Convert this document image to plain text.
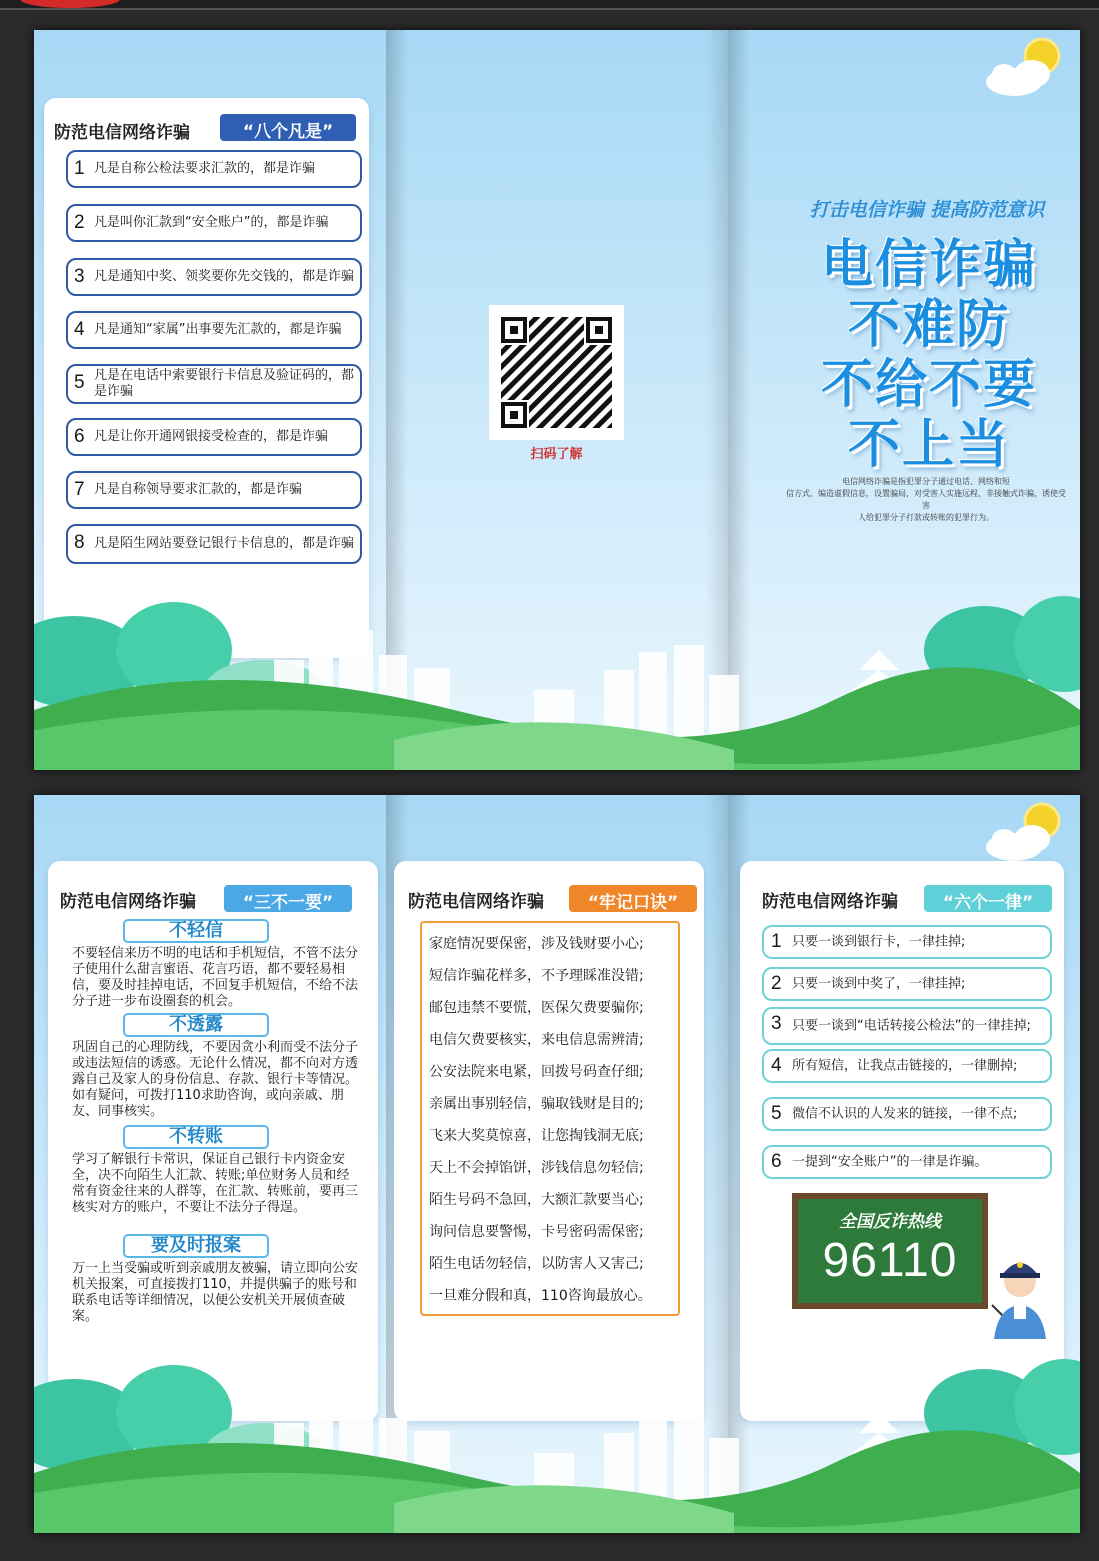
防范电信网络诈骗	“八个凡是”
1 凡是自称公检法要求汇款的，都是诈骗
2 凡是叫你汇款到“安全账户”的，都是诈骗
3 凡是通知中奖、领奖要你先交钱的，都是诈骗
4 凡是通知“家属”出事要先汇款的，都是诈骗
5 凡是在电话中索要银行卡信息及验证码的，都是诈骗
6 凡是让你开通网银接受检查的，都是诈骗
7 凡是自称领导要求汇款的，都是诈骗
8 凡是陌生网站要登记银行卡信息的，都是诈骗
扫码了解
打击电信诈骗 提高防范意识
电信诈骗
不难防
不给不要
不上当
电信网络诈骗是指犯罪分子通过电话、网络和短
信方式，编造虚假信息，设置骗局，对受害人实施远程、非接触式诈骗，诱使受害
人给犯罪分子打款或转账的犯罪行为。
防范电信网络诈骗	“三不一要”
不轻信
不要轻信来历不明的电话和手机短信，不管不法分子使用什么甜言蜜语、花言巧语，都不要轻易相信，要及时挂掉电话，不回复手机短信，不给不法分子进一步布设圈套的机会。
不透露
巩固自己的心理防线，不要因贪小利而受不法分子或违法短信的诱惑。无论什么情况，都不向对方透露自己及家人的身份信息、存款、银行卡等情况。如有疑问，可拨打110求助咨询，或向亲戚、朋友、同事核实。
不转账
学习了解银行卡常识，保证自己银行卡内资金安全，决不向陌生人汇款、转账;单位财务人员和经常有资金往来的人群等，在汇款、转账前，要再三核实对方的账户，不要让不法分子得逞。
要及时报案
万一上当受骗或听到亲戚朋友被骗，请立即向公安机关报案，可直接拨打110，并提供骗子的账号和联系电话等详细情况，以便公安机关开展侦查破案。
防范电信网络诈骗	“牢记口诀”
家庭情况要保密，涉及钱财要小心;
短信诈骗花样多，不予理睬准没错;
邮包违禁不要慌，医保欠费要骗你;
电信欠费要核实，来电信息需辨清;
公安法院来电紧，回拨号码查仔细;
亲属出事别轻信，骗取钱财是目的;
飞来大奖莫惊喜，让您掏钱洞无底;
天上不会掉馅饼，涉钱信息勿轻信;
陌生号码不急回，大额汇款要当心;
询问信息要警惕，卡号密码需保密;
陌生电话勿轻信，以防害人又害己;
一旦难分假和真，110咨询最放心。
防范电信网络诈骗	“六个一律”
1 只要一谈到银行卡，一律挂掉;
2 只要一谈到中奖了，一律挂掉;
3 只要一谈到“电话转接公检法”的一律挂掉;
4 所有短信，让我点击链接的，一律删掉;
5 微信不认识的人发来的链接，一律不点;
6 一提到“安全账户”的一律是诈骗。
全国反诈热线
96110
